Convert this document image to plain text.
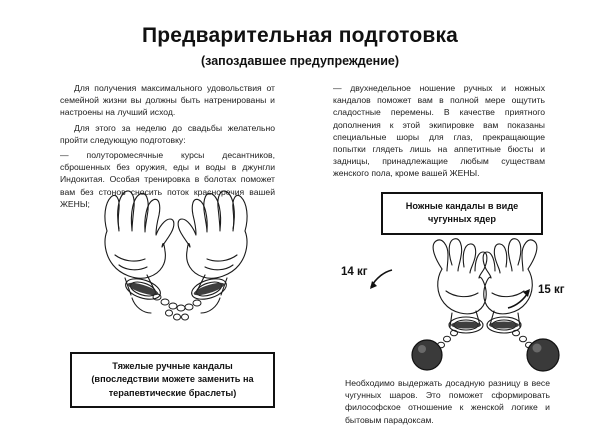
Предварительная подготовка
(запоздавшее предупреждение)

Для получения максимального удовольствия от семейной жизни вы должны быть натренированы и настроены на лучший исход.

Для этого за неделю до свадьбы желательно пройти следующую подготовку:

— полуторомесячные курсы десантников, сброшенных без оружия, еды и воды в джунгли Индокитая. Особая тренировка в болотах поможет вам без стонов сносить поток красноречия вашей ЖЕНЫ;

— двухнедельное ношение ручных и ножных кандалов поможет вам в полной мере ощутить сладостные перемены. В качестве приятного дополнения к этой экипировке вам показаны специальные шоры для глаз, прекращающие попытки глядеть лишь на аппетитные бюсты и задницы, принадлежащие любым существам женского пола, кроме вашей ЖЕНЫ.

14 кг
15 кг
Ножные кандалы в виде чугунных ядер
Тяжелые ручные кандалы (впоследствии можете заменить на терапевтические браслеты)
Необходимо выдержать досадную разницу в весе чугунных шаров. Это поможет сформировать философское отношение к женской логике и бытовым парадоксам.
